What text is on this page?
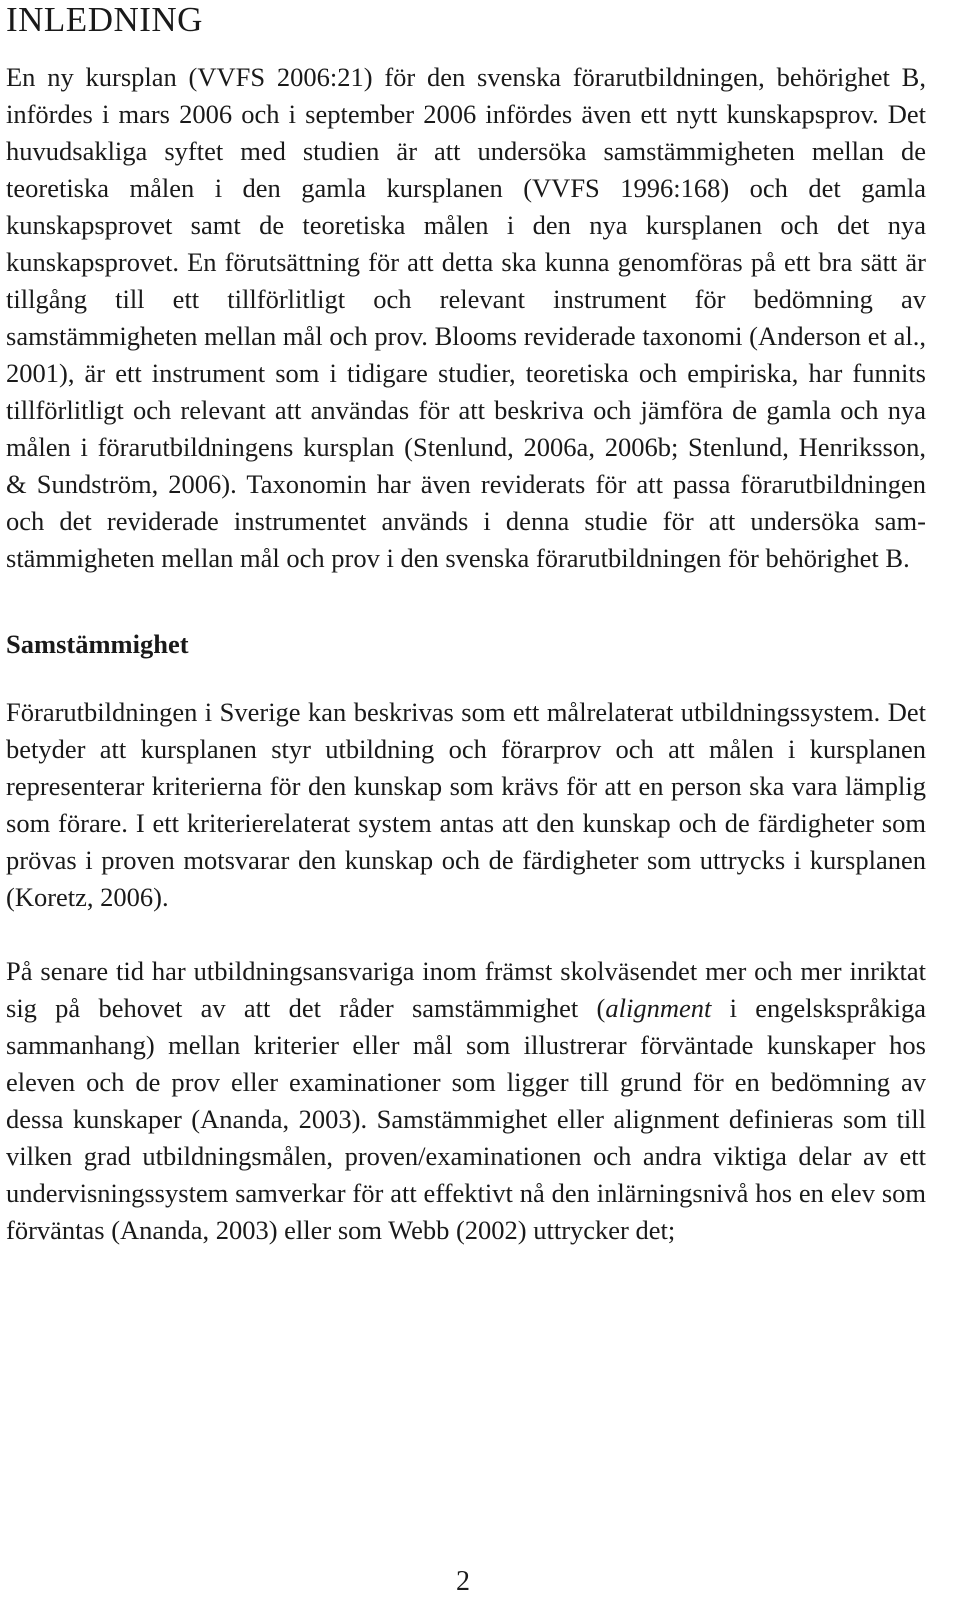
INLEDNING

En ny kursplan (VVFS 2006:21) för den svenska förarutbildningen, behörighet B, infördes i mars 2006 och i september 2006 infördes även ett nytt kunskapsprov. Det huvudsakliga syftet med studien är att undersöka samstämmigheten mellan de teoretiska målen i den gamla kursplanen (VVFS 1996:168) och det gamla kunskapsprovet samt de teoretiska målen i den nya kursplanen och det nya kunskapsprovet. En förutsättning för att detta ska kunna genomföras på ett bra sätt är tillgång till ett tillförlitligt och relevant instrument för bedömning av samstämmigheten mellan mål och prov. Blooms reviderade taxonomi (Anderson et al., 2001), är ett instrument som i tidigare studier, teoretiska och empiriska, har funnits tillförlitligt och relevant att användas för att beskriva och jämföra de gamla och nya målen i förarutbildningens kursplan (Stenlund, 2006a, 2006b; Stenlund, Henriksson, & Sundström, 2006). Taxonomin har även reviderats för att passa förarutbildningen och det reviderade instrumentet används i denna studie för att undersöka samstämmigheten mellan mål och prov i den svenska förarutbildningen för behörighet B.

Samstämmighet

Förarutbildningen i Sverige kan beskrivas som ett målrelaterat utbildningssystem. Det betyder att kursplanen styr utbildning och förarprov och att målen i kursplanen representerar kriterierna för den kunskap som krävs för att en person ska vara lämplig som förare. I ett kriterierelaterat system antas att den kunskap och de färdigheter som prövas i proven motsvarar den kunskap och de färdigheter som uttrycks i kursplanen (Koretz, 2006).

På senare tid har utbildningsansvariga inom främst skolväsendet mer och mer inriktat sig på behovet av att det råder samstämmighet (alignment i engelskspråkiga sammanhang) mellan kriterier eller mål som illustrerar förväntade kunskaper hos eleven och de prov eller examinationer som ligger till grund för en bedömning av dessa kunskaper (Ananda, 2003). Samstämmighet eller alignment definieras som till vilken grad utbildningsmålen, proven/examinationen och andra viktiga delar av ett undervisningssystem samverkar för att effektivt nå den inlärningsnivå hos en elev som förväntas (Ananda, 2003) eller som Webb (2002) uttrycker det;

2
